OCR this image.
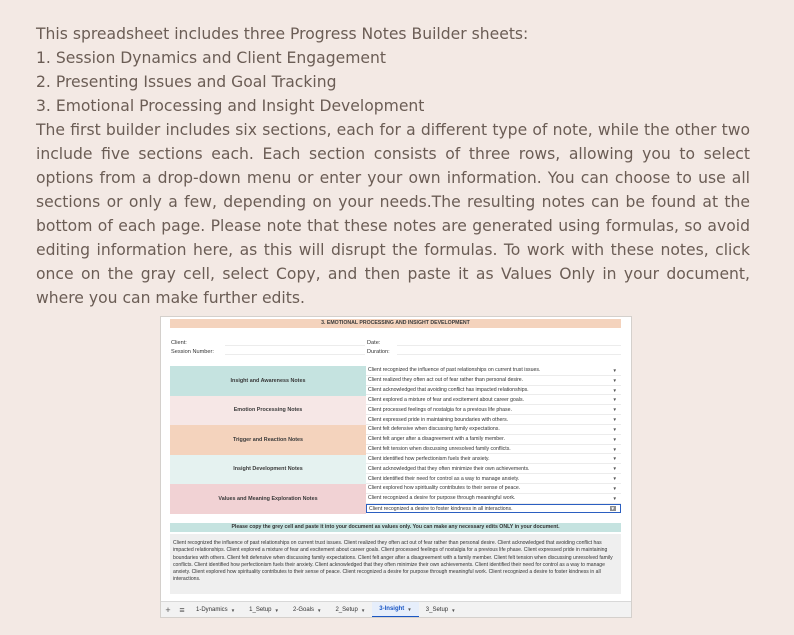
This spreadsheet includes three Progress Notes Builder sheets:
1. Session Dynamics and Client Engagement
2. Presenting Issues and Goal Tracking
3. Emotional Processing and Insight Development
The first builder includes six sections, each for a different type of note, while the other two include five sections each. Each section consists of three rows, allowing you to select options from a drop-down menu or enter your own information. You can choose to use all sections or only a few, depending on your needs.The resulting notes can be found at the bottom of each page. Please note that these notes are generated using formulas, so avoid editing information here, as this will disrupt the formulas. To work with these notes, click once on the gray cell, select Copy, and then paste it as Values Only in your document, where you can make further edits.
3. EMOTIONAL PROCESSING AND INSIGHT DEVELOPMENT
Client:
Session Number:
Date:
Duration:
Insight and Awareness Notes
Client recognized the influence of past relationships on current trust issues.	▼
Client realized they often act out of fear rather than personal desire.	▼
Client acknowledged that avoiding conflict has impacted relationships.	▼
Emotion Processing Notes
Client explored a mixture of fear and excitement about career goals.	▼
Client processed feelings of nostalgia for a previous life phase.	▼
Client expressed pride in maintaining boundaries with others.	▼
Trigger and Reaction Notes
Client felt defensive when discussing family expectations.	▼
Client felt anger after a disagreement with a family member.	▼
Client felt tension when discussing unresolved family conflicts.	▼
Insight Development Notes
Client identified how perfectionism fuels their anxiety.	▼
Client acknowledged that they often minimize their own achievements.	▼
Client identified their need for control as a way to manage anxiety.	▼
Values and Meaning Exploration Notes
Client explored how spirituality contributes to their sense of peace.	▼
Client recognized a desire for purpose through meaningful work.	▼
Client recognized a desire to foster kindness in all interactions.	▼
Please copy the grey cell and paste it into your document as values only. You can make any necessary edits ONLY in your document.
Client recognized the influence of past relationships on current trust issues. Client realized they often act out of fear rather than personal desire. Client acknowledged that avoiding conflict has impacted relationships. Client explored a mixture of fear and excitement about career goals. Client processed feelings of nostalgia for a previous life phase. Client expressed pride in maintaining boundaries with others. Client felt defensive when discussing family expectations. Client felt anger after a disagreement with a family member. Client felt tension when discussing unresolved family conflicts. Client identified how perfectionism fuels their anxiety. Client acknowledged that they often minimize their own achievements. Client identified their need for control as a way to manage anxiety. Client explored how spirituality contributes to their sense of peace. Client recognized a desire for purpose through meaningful work. Client recognized a desire to foster kindness in all interactions.
+ ≡	1-Dynamics ▼ 1_Setup ▼ 2-Goals ▼ 2_Setup ▼ 3-Insight ▼ 3_Setup ▼
